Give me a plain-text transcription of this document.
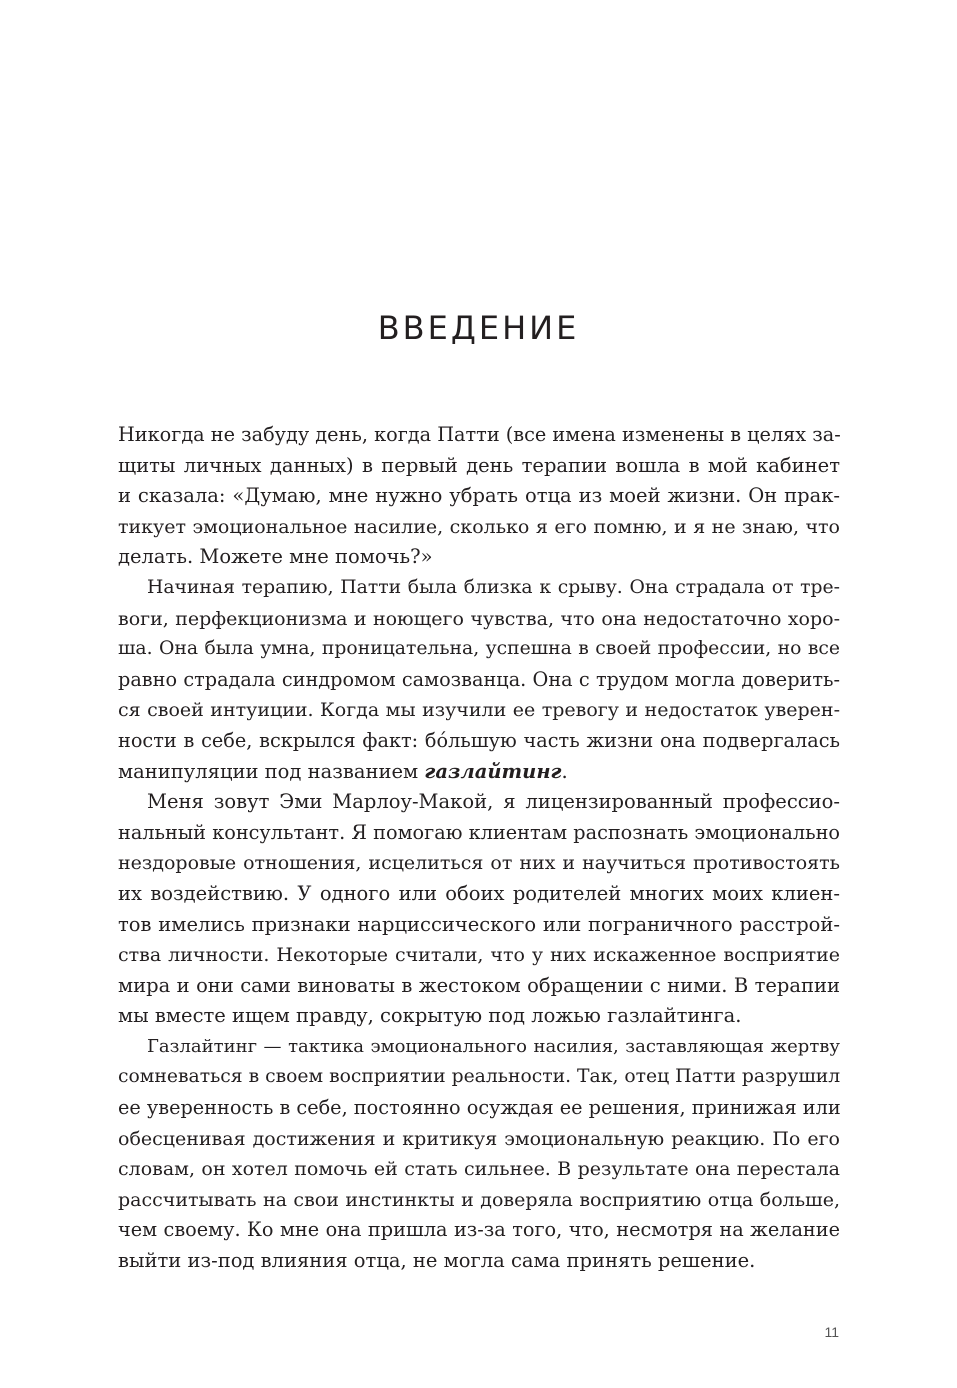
ВВЕДЕНИЕ
Никогда не забуду день, когда Патти (все имена изменены в целях за-
щиты личных данных) в первый день терапии вошла в мой кабинет
и сказала: «Думаю, мне нужно убрать отца из моей жизни. Он прак-
тикует эмоциональное насилие, сколько я его помню, и я не знаю, что
делать. Можете мне помочь?»
Начиная терапию, Патти была близка к срыву. Она страдала от тре-
воги, перфекционизма и ноющего чувства, что она недостаточно хоро-
ша. Она была умна, проницательна, успешна в своей профессии, но все
равно страдала синдромом самозванца. Она с трудом могла доверить-
ся своей интуиции. Когда мы изучили ее тревогу и недостаток уверен-
ности в себе, вскрылся факт: бóльшую часть жизни она подвергалась
манипуляции под названием газлайтинг.
Меня зовут Эми Марлоу-Макой, я лицензированный профессио-
нальный консультант. Я помогаю клиентам распознать эмоционально
нездоровые отношения, исцелиться от них и научиться противостоять
их воздействию. У одного или обоих родителей многих моих клиен-
тов имелись признаки нарциссического или пограничного расстрой-
ства личности. Некоторые считали, что у них искаженное восприятие
мира и они сами виноваты в жестоком обращении с ними. В терапии
мы вместе ищем правду, сокрытую под ложью газлайтинга.
Газлайтинг — тактика эмоционального насилия, заставляющая жертву
сомневаться в своем восприятии реальности. Так, отец Патти разрушил
ее уверенность в себе, постоянно осуждая ее решения, принижая или
обесценивая достижения и критикуя эмоциональную реакцию. По его
словам, он хотел помочь ей стать сильнее. В результате она перестала
рассчитывать на свои инстинкты и доверяла восприятию отца больше,
чем своему. Ко мне она пришла из-за того, что, несмотря на желание
выйти из-под влияния отца, не могла сама принять решение.
11
